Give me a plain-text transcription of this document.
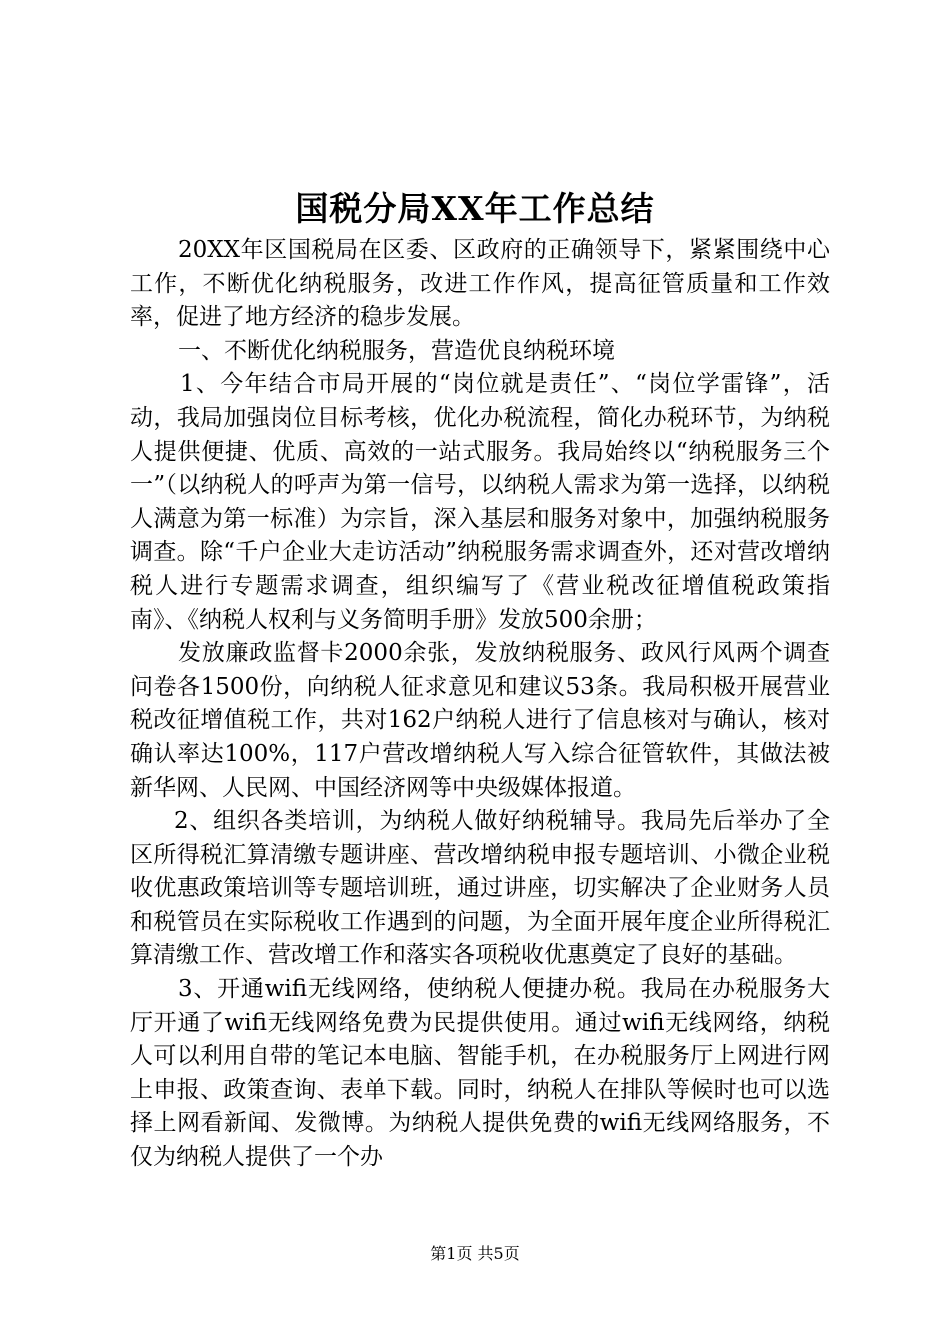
国税分局XX年工作总结

20XX年区国税局在区委、区政府的正确领导下，紧紧围绕中心工作，不断优化纳税服务，改进工作作风，提高征管质量和工作效率，促进了地方经济的稳步发展。

一、不断优化纳税服务，营造优良纳税环境

1、今年结合市局开展的“岗位就是责任”、“岗位学雷锋”，活动，我局加强岗位目标考核，优化办税流程，简化办税环节，为纳税人提供便捷、优质、高效的一站式服务。我局始终以“纳税服务三个一”（以纳税人的呼声为第一信号，以纳税人需求为第一选择，以纳税人满意为第一标准）为宗旨，深入基层和服务对象中，加强纳税服务调查。除“千户企业大走访活动”纳税服务需求调查外，还对营改增纳税人进行专题需求调查，组织编写了《营业税改征增值税政策指南》、《纳税人权利与义务简明手册》发放500余册；

发放廉政监督卡2000余张，发放纳税服务、政风行风两个调查问卷各1500份，向纳税人征求意见和建议53条。我局积极开展营业税改征增值税工作，共对162户纳税人进行了信息核对与确认，核对确认率达100%，117户营改增纳税人写入综合征管软件，其做法被新华网、人民网、中国经济网等中央级媒体报道。

2、组织各类培训，为纳税人做好纳税辅导。我局先后举办了全区所得税汇算清缴专题讲座、营改增纳税申报专题培训、小微企业税收优惠政策培训等专题培训班，通过讲座，切实解决了企业财务人员和税管员在实际税收工作遇到的问题，为全面开展年度企业所得税汇算清缴工作、营改增工作和落实各项税收优惠奠定了良好的基础。

3、开通wifi无线网络，使纳税人便捷办税。我局在办税服务大厅开通了wifi无线网络免费为民提供使用。通过wifi无线网络，纳税人可以利用自带的笔记本电脑、智能手机，在办税服务厅上网进行网上申报、政策查询、表单下载。同时，纳税人在排队等候时也可以选择上网看新闻、发微博。为纳税人提供免费的wifi无线网络服务，不仅为纳税人提供了一个办

第1页 共5页
